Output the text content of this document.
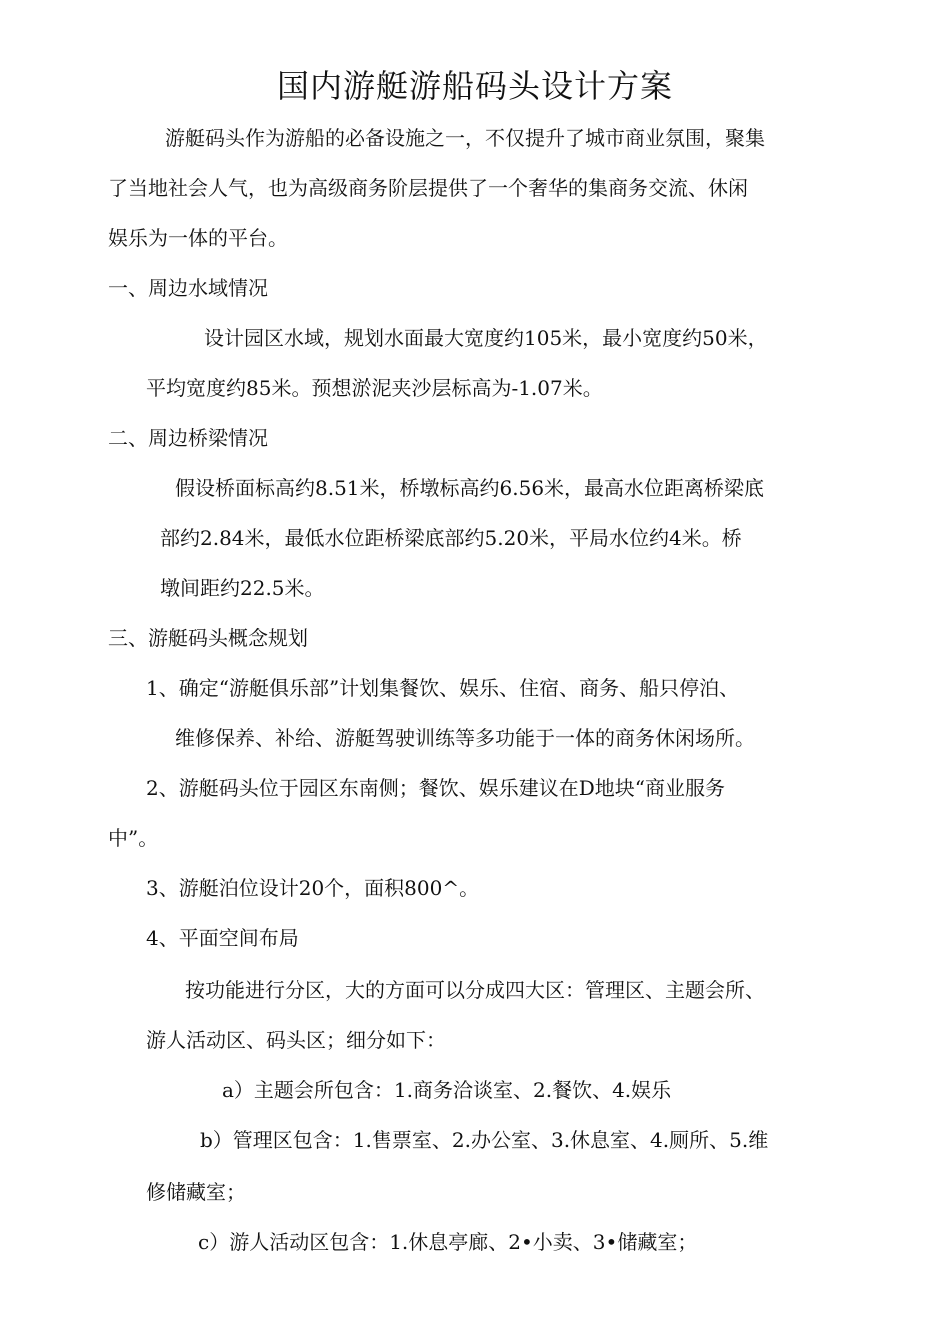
国内游艇游船码头设计方案
游艇码头作为游船的必备设施之一，不仅提升了城市商业氛围，聚集
了当地社会人气，也为高级商务阶层提供了一个奢华的集商务交流、休闲
娱乐为一体的平台。
一、周边水域情况
设计园区水域，规划水面最大宽度约105米，最小宽度约50米，
平均宽度约85米。预想淤泥夹沙层标高为-1.07米。
二、周边桥梁情况
假设桥面标高约8.51米，桥墩标高约6.56米，最高水位距离桥梁底
部约2.84米，最低水位距桥梁底部约5.20米，平局水位约4米。桥
墩间距约22.5米。
三、游艇码头概念规划
1、确定“游艇俱乐部”计划集餐饮、娱乐、住宿、商务、船只停泊、
维修保养、补给、游艇驾驶训练等多功能于一体的商务休闲场所。
2、游艇码头位于园区东南侧；餐饮、娱乐建议在D地块“商业服务
中”。
3、游艇泊位设计20个，面积800^。
4、平面空间布局
按功能进行分区，大的方面可以分成四大区：管理区、主题会所、
游人活动区、码头区；细分如下：
a）主题会所包含：1.商务洽谈室、2.餐饮、4.娱乐
b）管理区包含：1.售票室、2.办公室、3.休息室、4.厕所、5.维
修储藏室；
c）游人活动区包含：1.休息亭廊、2•小卖、3•储藏室；
